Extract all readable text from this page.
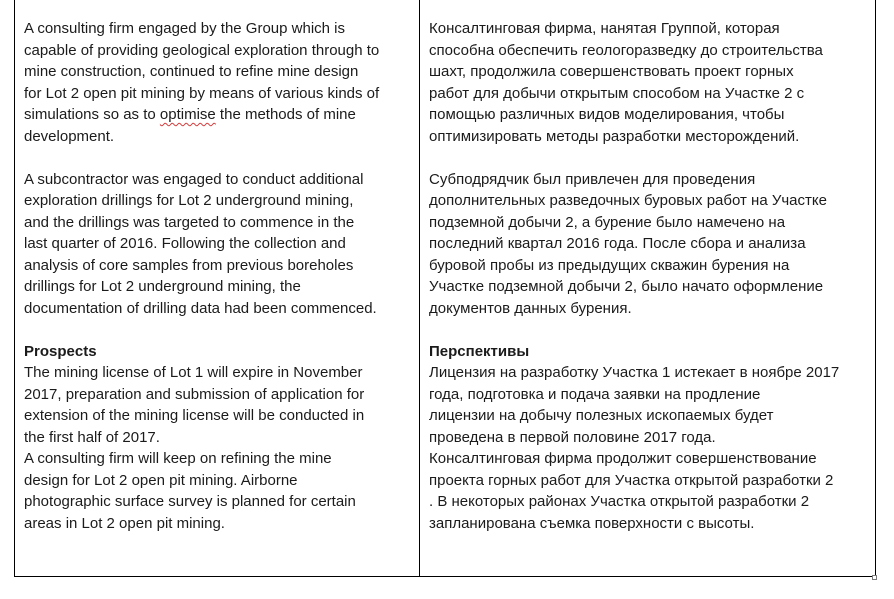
A consulting firm engaged by the Group which is

capable of providing geological exploration through to

mine construction, continued to refine mine design

for Lot 2 open pit mining by means of various kinds of

simulations so as to optimise the methods of mine

development.

A subcontractor was engaged to conduct additional
exploration drillings for Lot 2 underground mining,
and the drillings was targeted to commence in the
last quarter of 2016. Following the collection and
analysis of core samples from previous boreholes
drillings for Lot 2 underground mining, the
documentation of drilling data had been commenced.

Prospects

The mining license of Lot 1 will expire in November
2017, preparation and submission of application for
extension of the mining license will be conducted in
the first half of 2017.

A consulting firm will keep on refining the mine
design for Lot 2 open pit mining. Airborne
photographic surface survey is planned for certain
areas in Lot 2 open pit mining.

Консалтинговая фирма, нанятая Группой, которая
способна обеспечить геологоразведку до строительства
шахт, продолжила совершенствовать проект горных
работ для добычи открытым способом на Участке 2 с
помощью различных видов моделирования, чтобы
оптимизировать методы разработки месторождений.

Субподрядчик был привлечен для проведения
дополнительных разведочных буровых работ на Участке
подземной добычи 2, а бурение было намечено на
последний квартал 2016 года. После сбора и анализа
буровой пробы из предыдущих скважин бурения на
Участке подземной добычи 2, было начато оформление
документов данных бурения.

Перспективы

Лицензия на разработку Участка 1 истекает в ноябре 2017
года, подготовка и подача заявки на продление
лицензии на добычу полезных ископаемых будет
проведена в первой половине 2017 года.

Консалтинговая фирма продолжит совершенствование
проекта горных работ для Участка открытой разработки 2
. В некоторых районах Участка открытой разработки 2
запланирована съемка поверхности с высоты.
